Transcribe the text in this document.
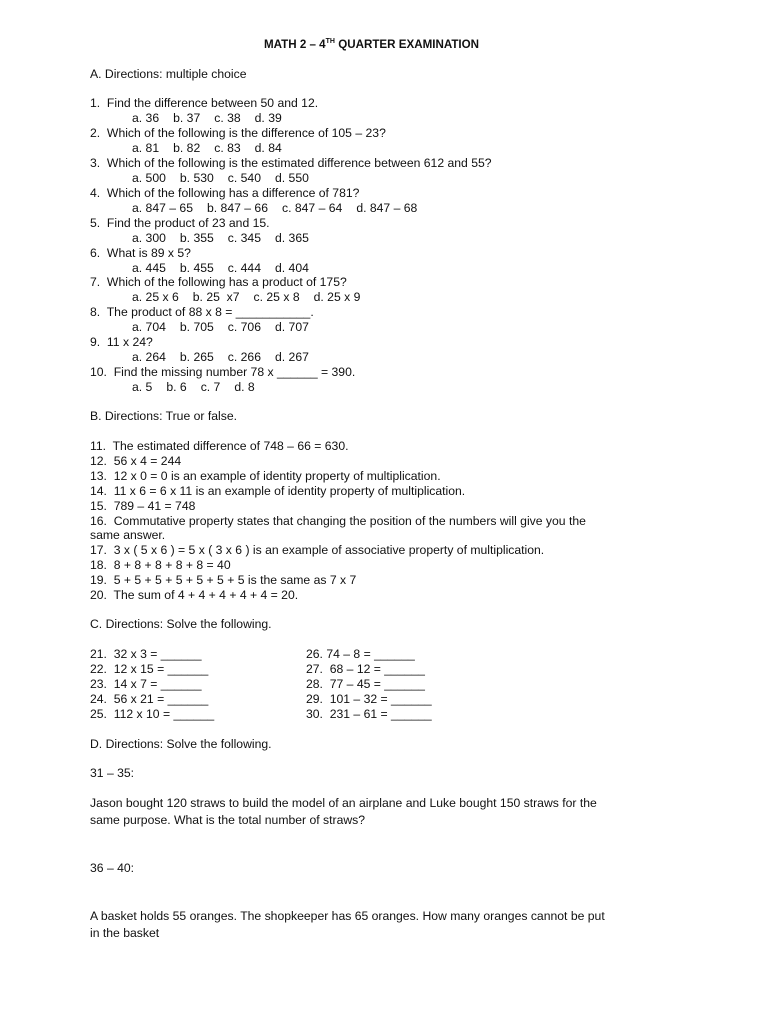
MATH 2 – 4TH QUARTER EXAMINATION
A. Directions: multiple choice
1.  Find the difference between 50 and 12.
a. 36 b. 37 c. 38 d. 39
2.  Which of the following is the difference of 105 – 23?
a. 81 b. 82 c. 83 d. 84
3.  Which of the following is the estimated difference between 612 and 55?
a. 500 b. 530 c. 540 d. 550
4.  Which of the following has a difference of 781?
a. 847 – 65 b. 847 – 66 c. 847 – 64 d. 847 – 68
5.  Find the product of 23 and 15.
a. 300 b. 355 c. 345 d. 365
6.  What is 89 x 5?
a. 445 b. 455 c. 444 d. 404
7.  Which of the following has a product of 175?
a. 25 x 6 b. 25  x7 c. 25 x 8 d. 25 x 9
8.  The product of 88 x 8 = ___________.
a. 704 b. 705 c. 706 d. 707
9.  11 x 24?
a. 264 b. 265 c. 266 d. 267
10.  Find the missing number 78 x ______ = 390.
a. 5 b. 6 c. 7 d. 8
B. Directions: True or false.
11.  The estimated difference of 748 – 66 = 630.
12.  56 x 4 = 244
13.  12 x 0 = 0 is an example of identity property of multiplication.
14.  11 x 6 = 6 x 11 is an example of identity property of multiplication.
15.  789 – 41 = 748
16.  Commutative property states that changing the position of the numbers will give you the
same answer.
17.  3 x ( 5 x 6 ) = 5 x ( 3 x 6 ) is an example of associative property of multiplication.
18.  8 + 8 + 8 + 8 + 8 = 40
19.  5 + 5 + 5 + 5 + 5 + 5 + 5 is the same as 7 x 7
20.  The sum of 4 + 4 + 4 + 4 + 4 = 20.
C. Directions: Solve the following.
21.  32 x 3 = ______
22.  12 x 15 = ______
23.  14 x 7 = ______
24.  56 x 21 = ______
25.  112 x 10 = ______
26. 74 – 8 = ______
27.  68 – 12 = ______
28.  77 – 45 = ______
29.  101 – 32 = ______
30.  231 – 61 = ______
D. Directions: Solve the following.
31 – 35:
Jason bought 120 straws to build the model of an airplane and Luke bought 150 straws for the
same purpose. What is the total number of straws?
36 – 40:
A basket holds 55 oranges. The shopkeeper has 65 oranges. How many oranges cannot be put
in the basket
